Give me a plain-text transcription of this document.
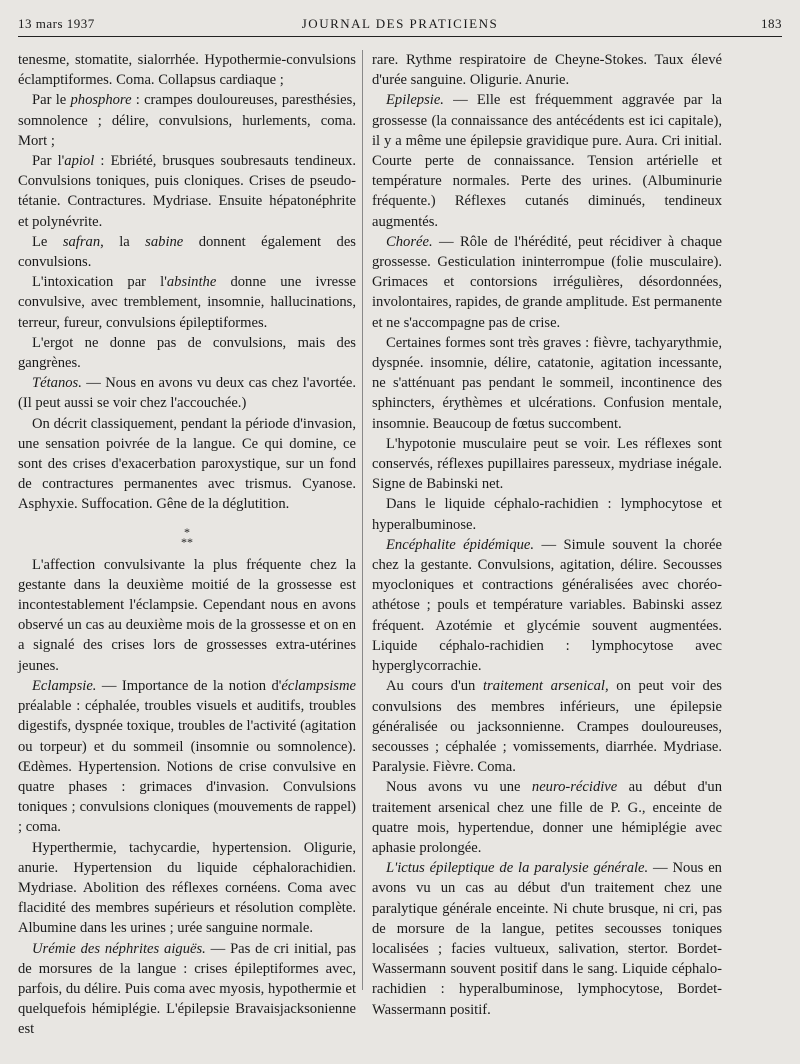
13 mars 1937	JOURNAL DES PRATICIENS	183

tenesme, stomatite, sialorrhée. Hypothermie-convulsions éclamptiformes. Coma. Collapsus cardiaque ;

Par le phosphore : crampes douloureuses, paresthésies, somnolence ; délire, convulsions, hurlements, coma. Mort ;

Par l'apiol : Ebriété, brusques soubresauts tendineux. Convulsions toniques, puis cloniques. Crises de pseudo-tétanie. Contractures. Mydriase. Ensuite hépatonéphrite et polynévrite.

Le safran, la sabine donnent également des convulsions.

L'intoxication par l'absinthe donne une ivresse convulsive, avec tremblement, insomnie, hallucinations, terreur, fureur, convulsions épileptiformes.

L'ergot ne donne pas de convulsions, mais des gangrènes.

Tétanos. — Nous en avons vu deux cas chez l'avortée. (Il peut aussi se voir chez l'accouchée.)

On décrit classiquement, pendant la période d'invasion, une sensation poivrée de la langue. Ce qui domine, ce sont des crises d'exacerbation paroxystique, sur un fond de contractures permanentes avec trismus. Cyanose. Asphyxie. Suffocation. Gêne de la déglutition.

*
**

L'affection convulsivante la plus fréquente chez la gestante dans la deuxième moitié de la grossesse est incontestablement l'éclampsie. Cependant nous en avons observé un cas au deuxième mois de la grossesse et on en a signalé des crises lors de grossesses extra-utérines jeunes.

Eclampsie. — Importance de la notion d'éclampsisme préalable : céphalée, troubles visuels et auditifs, troubles digestifs, dyspnée toxique, troubles de l'activité (agitation ou torpeur) et du sommeil (insomnie ou somnolence). Œdèmes. Hypertension. Notions de crise convulsive en quatre phases : grimaces d'invasion. Convulsions toniques ; convulsions cloniques (mouvements de rappel) ; coma.

Hyperthermie, tachycardie, hypertension. Oligurie, anurie. Hypertension du liquide céphalorachidien. Mydriase. Abolition des réflexes cornéens. Coma avec flacidité des membres supérieurs et résolution complète. Albumine dans les urines ; urée sanguine normale.

Urémie des néphrites aiguës. — Pas de cri initial, pas de morsures de la langue : crises épileptiformes avec, parfois, du délire. Puis coma avec myosis, hypothermie et quelquefois hémiplégie. L'épilepsie Bravaisjacksonienne est

rare. Rythme respiratoire de Cheyne-Stokes. Taux élevé d'urée sanguine. Oligurie. Anurie.

Epilepsie. — Elle est fréquemment aggravée par la grossesse (la connaissance des antécédents est ici capitale), il y a même une épilepsie gravidique pure. Aura. Cri initial. Courte perte de connaissance. Tension artérielle et température normales. Perte des urines. (Albuminurie fréquente.) Réflexes cutanés diminués, tendineux augmentés.

Chorée. — Rôle de l'hérédité, peut récidiver à chaque grossesse. Gesticulation ininterrompue (folie musculaire). Grimaces et contorsions irrégulières, désordonnées, involontaires, rapides, de grande amplitude. Est permanente et ne s'accompagne pas de crise.

Certaines formes sont très graves : fièvre, tachyarythmie, dyspnée. insomnie, délire, catatonie, agitation incessante, ne s'atténuant pas pendant le sommeil, incontinence des sphincters, érythèmes et ulcérations. Confusion mentale, insomnie. Beaucoup de fœtus succombent.

L'hypotonie musculaire peut se voir. Les réflexes sont conservés, réflexes pupillaires paresseux, mydriase inégale. Signe de Babinski net.

Dans le liquide céphalo-rachidien : lymphocytose et hyperalbuminose.

Encéphalite épidémique. — Simule souvent la chorée chez la gestante. Convulsions, agitation, délire. Secousses myocloniques et contractions généralisées avec choréo-athétose ; pouls et température variables. Babinski assez fréquent. Azotémie et glycémie souvent augmentées. Liquide céphalo-rachidien : lymphocytose avec hyperglycorrachie.

Au cours d'un traitement arsenical, on peut voir des convulsions des membres inférieurs, une épilepsie généralisée ou jacksonnienne. Crampes douloureuses, secousses ; céphalée ; vomissements, diarrhée. Mydriase. Paralysie. Fièvre. Coma.

Nous avons vu une neuro-récidive au début d'un traitement arsenical chez une fille de P. G., enceinte de quatre mois, hypertendue, donner une hémiplégie avec aphasie prolongée.

L'ictus épileptique de la paralysie générale. — Nous en avons vu un cas au début d'un traitement chez une paralytique générale enceinte. Ni chute brusque, ni cri, pas de morsure de la langue, petites secousses toniques localisées ; facies vultueux, salivation, stertor. Bordet-Wassermann souvent positif dans le sang. Liquide céphalo-rachidien : hyperalbuminose, lymphocytose, Bordet-Wassermann positif.
